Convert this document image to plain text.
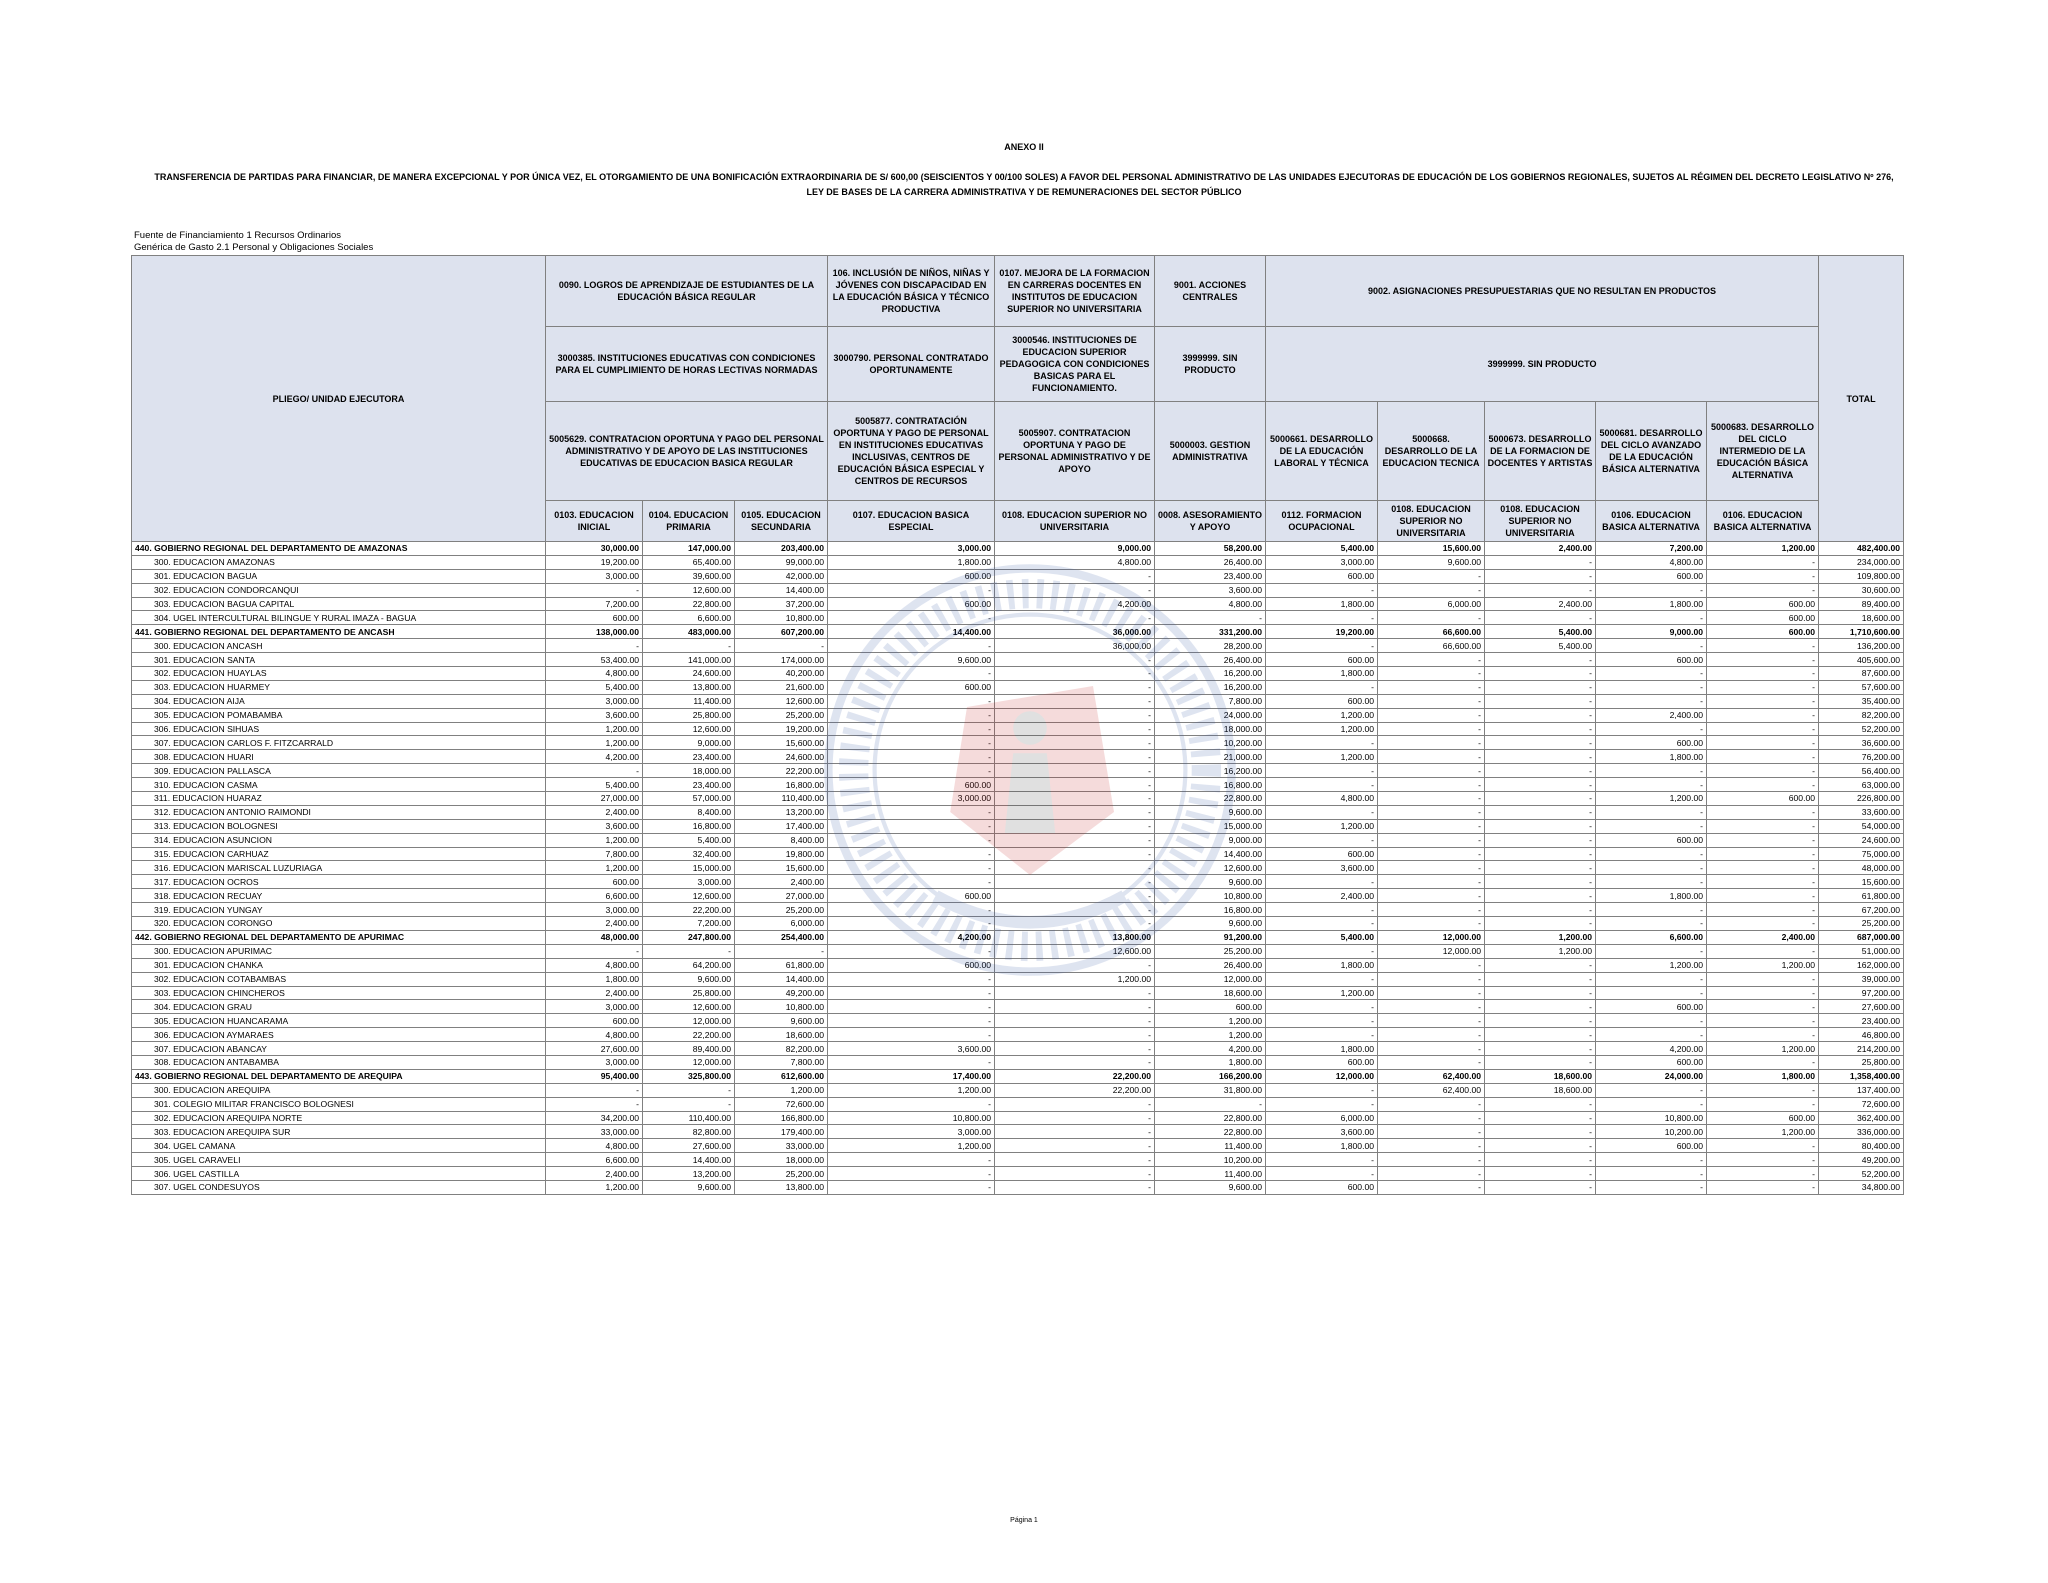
ANEXO II
TRANSFERENCIA DE PARTIDAS PARA FINANCIAR, DE MANERA EXCEPCIONAL Y POR ÚNICA VEZ, EL OTORGAMIENTO DE UNA BONIFICACIÓN EXTRAORDINARIA DE S/ 600,00 (SEISCIENTOS Y 00/100 SOLES) A FAVOR DEL PERSONAL ADMINISTRATIVO DE LAS UNIDADES EJECUTORAS DE EDUCACIÓN DE LOS GOBIERNOS REGIONALES, SUJETOS AL RÉGIMEN DEL DECRETO LEGISLATIVO Nº 276, LEY DE BASES DE LA CARRERA ADMINISTRATIVA Y DE REMUNERACIONES DEL SECTOR PÚBLICO
Fuente de Financiamiento 1 Recursos Ordinarios
Genérica de Gasto 2.1 Personal y Obligaciones Sociales
PLIEGO/ UNIDAD EJECUTORA	0090. LOGROS DE APRENDIZAJE DE ESTUDIANTES DE LA EDUCACIÓN BÁSICA REGULAR			106. INCLUSIÓN DE NIÑOS, NIÑAS Y JÓVENES CON DISCAPACIDAD EN LA EDUCACIÓN BÁSICA Y TÉCNICO PRODUCTIVA	0107. MEJORA DE LA FORMACION EN CARRERAS DOCENTES EN INSTITUTOS DE EDUCACION SUPERIOR NO UNIVERSITARIA	9001. ACCIONES CENTRALES	9002. ASIGNACIONES PRESUPUESTARIAS QUE NO RESULTAN EN PRODUCTOS					TOTAL
	3000385. INSTITUCIONES EDUCATIVAS CON CONDICIONES PARA EL CUMPLIMIENTO DE HORAS LECTIVAS NORMADAS			3000790. PERSONAL CONTRATADO OPORTUNAMENTE	3000546. INSTITUCIONES DE EDUCACION SUPERIOR PEDAGOGICA CON CONDICIONES BASICAS PARA EL FUNCIONAMIENTO.	3999999. SIN PRODUCTO	3999999. SIN PRODUCTO					
	5005629. CONTRATACION OPORTUNA Y PAGO DEL PERSONAL ADMINISTRATIVO Y DE APOYO DE LAS INSTITUCIONES EDUCATIVAS DE EDUCACION BASICA REGULAR			5005877. CONTRATACIÓN OPORTUNA Y PAGO DE PERSONAL EN INSTITUCIONES EDUCATIVAS INCLUSIVAS, CENTROS DE EDUCACIÓN BÁSICA ESPECIAL Y CENTROS DE RECURSOS	5005907. CONTRATACION OPORTUNA Y PAGO DE PERSONAL ADMINISTRATIVO Y DE APOYO	5000003. GESTION ADMINISTRATIVA	5000661. DESARROLLO DE LA EDUCACIÓN LABORAL Y TÉCNICA	5000668. DESARROLLO DE LA EDUCACION TECNICA	5000673. DESARROLLO DE LA FORMACION DE DOCENTES Y ARTISTAS	5000681. DESARROLLO DEL CICLO AVANZADO DE LA EDUCACIÓN BÁSICA ALTERNATIVA	5000683. DESARROLLO DEL CICLO INTERMEDIO DE LA EDUCACIÓN BÁSICA ALTERNATIVA	
	0103. EDUCACION INICIAL	0104. EDUCACION PRIMARIA	0105. EDUCACION SECUNDARIA	0107. EDUCACION BASICA ESPECIAL	0108. EDUCACION SUPERIOR NO UNIVERSITARIA	0008. ASESORAMIENTO Y APOYO	0112. FORMACION OCUPACIONAL	0108. EDUCACION SUPERIOR NO UNIVERSITARIA	0108. EDUCACION SUPERIOR NO UNIVERSITARIA	0106. EDUCACION BASICA ALTERNATIVA	0106. EDUCACION BASICA ALTERNATIVA	
440. GOBIERNO REGIONAL DEL DEPARTAMENTO DE AMAZONAS	30,000.00	147,000.00	203,400.00	3,000.00	9,000.00	58,200.00	5,400.00	15,600.00	2,400.00	7,200.00	1,200.00	482,400.00
300. EDUCACION AMAZONAS	19,200.00	65,400.00	99,000.00	1,800.00	4,800.00	26,400.00	3,000.00	9,600.00	-	4,800.00	-	234,000.00
301. EDUCACION BAGUA	3,000.00	39,600.00	42,000.00	600.00	-	23,400.00	600.00	-	-	600.00	-	109,800.00
302. EDUCACION CONDORCANQUI	-	12,600.00	14,400.00	-	-	3,600.00	-	-	-	-	-	30,600.00
303. EDUCACION BAGUA CAPITAL	7,200.00	22,800.00	37,200.00	600.00	4,200.00	4,800.00	1,800.00	6,000.00	2,400.00	1,800.00	600.00	89,400.00
304. UGEL INTERCULTURAL BILINGUE Y RURAL IMAZA - BAGUA	600.00	6,600.00	10,800.00	-	-	-	-	-	-	-	600.00	18,600.00
441. GOBIERNO REGIONAL DEL DEPARTAMENTO DE ANCASH	138,000.00	483,000.00	607,200.00	14,400.00	36,000.00	331,200.00	19,200.00	66,600.00	5,400.00	9,000.00	600.00	1,710,600.00
300. EDUCACION ANCASH	-	-	-	-	36,000.00	28,200.00	-	66,600.00	5,400.00	-	-	136,200.00
301. EDUCACION SANTA	53,400.00	141,000.00	174,000.00	9,600.00	-	26,400.00	600.00	-	-	600.00	-	405,600.00
302. EDUCACION HUAYLAS	4,800.00	24,600.00	40,200.00	-	-	16,200.00	1,800.00	-	-	-	-	87,600.00
303. EDUCACION HUARMEY	5,400.00	13,800.00	21,600.00	600.00	-	16,200.00	-	-	-	-	-	57,600.00
304. EDUCACION AIJA	3,000.00	11,400.00	12,600.00	-	-	7,800.00	600.00	-	-	-	-	35,400.00
305. EDUCACION POMABAMBA	3,600.00	25,800.00	25,200.00	-	-	24,000.00	1,200.00	-	-	2,400.00	-	82,200.00
306. EDUCACION SIHUAS	1,200.00	12,600.00	19,200.00	-	-	18,000.00	1,200.00	-	-	-	-	52,200.00
307. EDUCACION CARLOS F. FITZCARRALD	1,200.00	9,000.00	15,600.00	-	-	10,200.00	-	-	-	600.00	-	36,600.00
308. EDUCACION HUARI	4,200.00	23,400.00	24,600.00	-	-	21,000.00	1,200.00	-	-	1,800.00	-	76,200.00
309. EDUCACION PALLASCA	-	18,000.00	22,200.00	-	-	16,200.00	-	-	-	-	-	56,400.00
310. EDUCACION CASMA	5,400.00	23,400.00	16,800.00	600.00	-	16,800.00	-	-	-	-	-	63,000.00
311. EDUCACION HUARAZ	27,000.00	57,000.00	110,400.00	3,000.00	-	22,800.00	4,800.00	-	-	1,200.00	600.00	226,800.00
312. EDUCACION ANTONIO RAIMONDI	2,400.00	8,400.00	13,200.00	-	-	9,600.00	-	-	-	-	-	33,600.00
313. EDUCACION BOLOGNESI	3,600.00	16,800.00	17,400.00	-	-	15,000.00	1,200.00	-	-	-	-	54,000.00
314. EDUCACION ASUNCION	1,200.00	5,400.00	8,400.00	-	-	9,000.00	-	-	-	600.00	-	24,600.00
315. EDUCACION CARHUAZ	7,800.00	32,400.00	19,800.00	-	-	14,400.00	600.00	-	-	-	-	75,000.00
316. EDUCACION MARISCAL LUZURIAGA	1,200.00	15,000.00	15,600.00	-	-	12,600.00	3,600.00	-	-	-	-	48,000.00
317. EDUCACION OCROS	600.00	3,000.00	2,400.00	-	-	9,600.00	-	-	-	-	-	15,600.00
318. EDUCACION RECUAY	6,600.00	12,600.00	27,000.00	600.00	-	10,800.00	2,400.00	-	-	1,800.00	-	61,800.00
319. EDUCACION YUNGAY	3,000.00	22,200.00	25,200.00	-	-	16,800.00	-	-	-	-	-	67,200.00
320. EDUCACION CORONGO	2,400.00	7,200.00	6,000.00	-	-	9,600.00	-	-	-	-	-	25,200.00
442. GOBIERNO REGIONAL DEL DEPARTAMENTO DE APURIMAC	48,000.00	247,800.00	254,400.00	4,200.00	13,800.00	91,200.00	5,400.00	12,000.00	1,200.00	6,600.00	2,400.00	687,000.00
300. EDUCACION APURIMAC	-	-	-	-	12,600.00	25,200.00	-	12,000.00	1,200.00	-	-	51,000.00
301. EDUCACION CHANKA	4,800.00	64,200.00	61,800.00	600.00	-	26,400.00	1,800.00	-	-	1,200.00	1,200.00	162,000.00
302. EDUCACION COTABAMBAS	1,800.00	9,600.00	14,400.00	-	1,200.00	12,000.00	-	-	-	-	-	39,000.00
303. EDUCACION CHINCHEROS	2,400.00	25,800.00	49,200.00	-	-	18,600.00	1,200.00	-	-	-	-	97,200.00
304. EDUCACION GRAU	3,000.00	12,600.00	10,800.00	-	-	600.00	-	-	-	600.00	-	27,600.00
305. EDUCACION HUANCARAMA	600.00	12,000.00	9,600.00	-	-	1,200.00	-	-	-	-	-	23,400.00
306. EDUCACION AYMARAES	4,800.00	22,200.00	18,600.00	-	-	1,200.00	-	-	-	-	-	46,800.00
307. EDUCACION ABANCAY	27,600.00	89,400.00	82,200.00	3,600.00	-	4,200.00	1,800.00	-	-	4,200.00	1,200.00	214,200.00
308. EDUCACION ANTABAMBA	3,000.00	12,000.00	7,800.00	-	-	1,800.00	600.00	-	-	600.00	-	25,800.00
443. GOBIERNO REGIONAL DEL DEPARTAMENTO DE AREQUIPA	95,400.00	325,800.00	612,600.00	17,400.00	22,200.00	166,200.00	12,000.00	62,400.00	18,600.00	24,000.00	1,800.00	1,358,400.00
300. EDUCACION AREQUIPA	-	-	1,200.00	1,200.00	22,200.00	31,800.00	-	62,400.00	18,600.00	-	-	137,400.00
301. COLEGIO MILITAR FRANCISCO BOLOGNESI	-	-	72,600.00	-	-	-	-	-	-	-	-	72,600.00
302. EDUCACION AREQUIPA NORTE	34,200.00	110,400.00	166,800.00	10,800.00	-	22,800.00	6,000.00	-	-	10,800.00	600.00	362,400.00
303. EDUCACION AREQUIPA SUR	33,000.00	82,800.00	179,400.00	3,000.00	-	22,800.00	3,600.00	-	-	10,200.00	1,200.00	336,000.00
304. UGEL CAMANA	4,800.00	27,600.00	33,000.00	1,200.00	-	11,400.00	1,800.00	-	-	600.00	-	80,400.00
305. UGEL CARAVELI	6,600.00	14,400.00	18,000.00	-	-	10,200.00	-	-	-	-	-	49,200.00
306. UGEL CASTILLA	2,400.00	13,200.00	25,200.00	-	-	11,400.00	-	-	-	-	-	52,200.00
307. UGEL CONDESUYOS	1,200.00	9,600.00	13,800.00	-	-	9,600.00	600.00	-	-	-	-	34,800.00
Página 1
